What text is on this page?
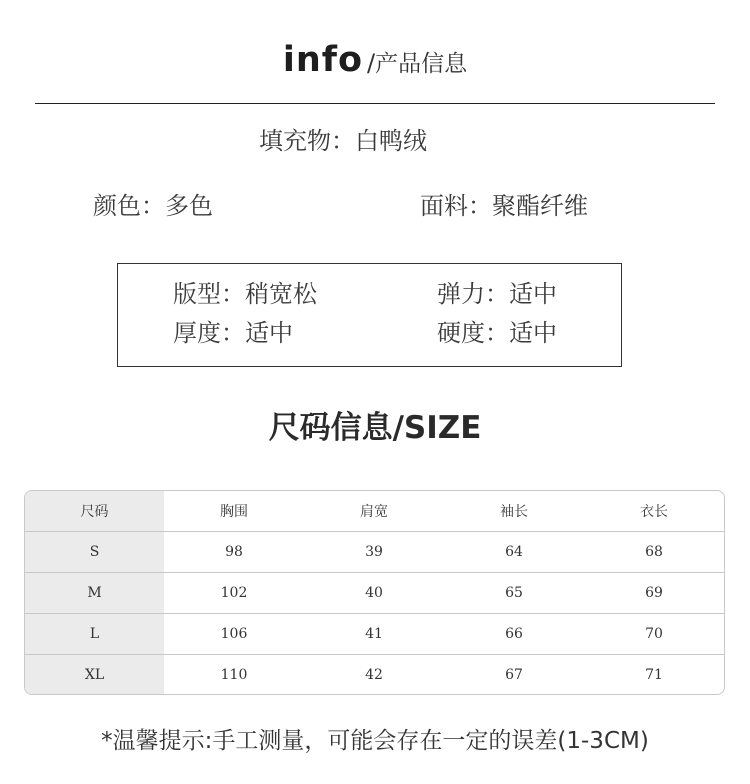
info /产品信息
填充物：白鸭绒
颜色：多色	面料：聚酯纤维
版型：稍宽松	弹力：适中
厚度：适中	硬度：适中
尺码信息/SIZE
尺码	胸围	肩宽	袖长	衣长
S	98	39	64	68
M	102	40	65	69
L	106	41	66	70
XL	110	42	67	71
*温馨提示:手工测量，可能会存在一定的误差(1-3CM)
